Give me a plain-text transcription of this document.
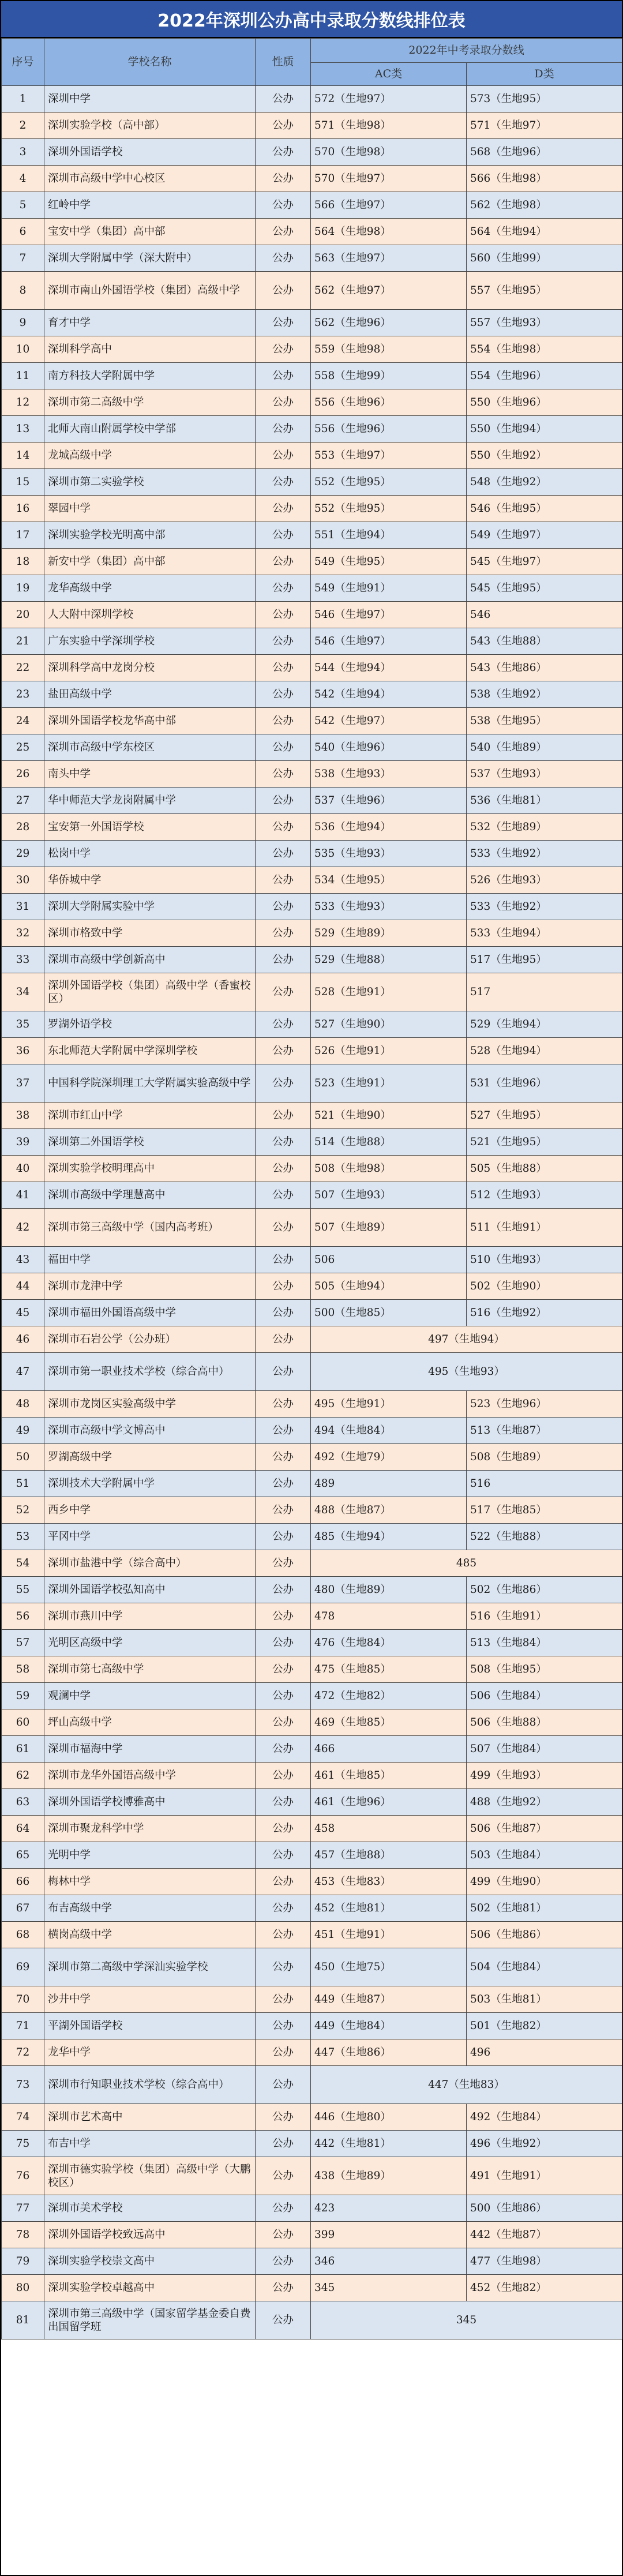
2022年深圳公办高中录取分数线排位表
序号	学校名称	性质	2022年中考录取分数线	
			AC类	D类
1	深圳中学	公办	572（生地97）	573（生地95）
2	深圳实验学校（高中部）	公办	571（生地98）	571（生地97）
3	深圳外国语学校	公办	570（生地98）	568（生地96）
4	深圳市高级中学中心校区	公办	570（生地97）	566（生地98）
5	红岭中学	公办	566（生地97）	562（生地98）
6	宝安中学（集团）高中部	公办	564（生地98）	564（生地94）
7	深圳大学附属中学（深大附中）	公办	563（生地97）	560（生地99）
8	深圳市南山外国语学校（集团）高级中学	公办	562（生地97）	557（生地95）
9	育才中学	公办	562（生地96）	557（生地93）
10	深圳科学高中	公办	559（生地98）	554（生地98）
11	南方科技大学附属中学	公办	558（生地99）	554（生地96）
12	深圳市第二高级中学	公办	556（生地96）	550（生地96）
13	北师大南山附属学校中学部	公办	556（生地96）	550（生地94）
14	龙城高级中学	公办	553（生地97）	550（生地92）
15	深圳市第二实验学校	公办	552（生地95）	548（生地92）
16	翠园中学	公办	552（生地95）	546（生地95）
17	深圳实验学校光明高中部	公办	551（生地94）	549（生地97）
18	新安中学（集团）高中部	公办	549（生地95）	545（生地97）
19	龙华高级中学	公办	549（生地91）	545（生地95）
20	人大附中深圳学校	公办	546（生地97）	546
21	广东实验中学深圳学校	公办	546（生地97）	543（生地88）
22	深圳科学高中龙岗分校	公办	544（生地94）	543（生地86）
23	盐田高级中学	公办	542（生地94）	538（生地92）
24	深圳外国语学校龙华高中部	公办	542（生地97）	538（生地95）
25	深圳市高级中学东校区	公办	540（生地96）	540（生地89）
26	南头中学	公办	538（生地93）	537（生地93）
27	华中师范大学龙岗附属中学	公办	537（生地96）	536（生地81）
28	宝安第一外国语学校	公办	536（生地94）	532（生地89）
29	松岗中学	公办	535（生地93）	533（生地92）
30	华侨城中学	公办	534（生地95）	526（生地93）
31	深圳大学附属实验中学	公办	533（生地93）	533（生地92）
32	深圳市格致中学	公办	529（生地89）	533（生地94）
33	深圳市高级中学创新高中	公办	529（生地88）	517（生地95）
34	深圳外国语学校（集团）高级中学（香蜜校区）	公办	528（生地91）	517
35	罗湖外语学校	公办	527（生地90）	529（生地94）
36	东北师范大学附属中学深圳学校	公办	526（生地91）	528（生地94）
37	中国科学院深圳理工大学附属实验高级中学	公办	523（生地91）	531（生地96）
38	深圳市红山中学	公办	521（生地90）	527（生地95）
39	深圳第二外国语学校	公办	514（生地88）	521（生地95）
40	深圳实验学校明理高中	公办	508（生地98）	505（生地88）
41	深圳市高级中学理慧高中	公办	507（生地93）	512（生地93）
42	深圳市第三高级中学（国内高考班）	公办	507（生地89）	511（生地91）
43	福田中学	公办	506	510（生地93）
44	深圳市龙津中学	公办	505（生地94）	502（生地90）
45	深圳市福田外国语高级中学	公办	500（生地85）	516（生地92）
46	深圳市石岩公学（公办班）	公办	497（生地94）	
47	深圳市第一职业技术学校（综合高中）	公办	495（生地93）	
48	深圳市龙岗区实验高级中学	公办	495（生地91）	523（生地96）
49	深圳市高级中学文博高中	公办	494（生地84）	513（生地87）
50	罗湖高级中学	公办	492（生地79）	508（生地89）
51	深圳技术大学附属中学	公办	489	516
52	西乡中学	公办	488（生地87）	517（生地85）
53	平冈中学	公办	485（生地94）	522（生地88）
54	深圳市盐港中学（综合高中）	公办	485	
55	深圳外国语学校弘知高中	公办	480（生地89）	502（生地86）
56	深圳市燕川中学	公办	478	516（生地91）
57	光明区高级中学	公办	476（生地84）	513（生地84）
58	深圳市第七高级中学	公办	475（生地85）	508（生地95）
59	观澜中学	公办	472（生地82）	506（生地84）
60	坪山高级中学	公办	469（生地85）	506（生地88）
61	深圳市福海中学	公办	466	507（生地84）
62	深圳市龙华外国语高级中学	公办	461（生地85）	499（生地93）
63	深圳外国语学校博雅高中	公办	461（生地96）	488（生地92）
64	深圳市聚龙科学中学	公办	458	506（生地87）
65	光明中学	公办	457（生地88）	503（生地84）
66	梅林中学	公办	453（生地83）	499（生地90）
67	布吉高级中学	公办	452（生地81）	502（生地81）
68	横岗高级中学	公办	451（生地91）	506（生地86）
69	深圳市第二高级中学深汕实验学校	公办	450（生地75）	504（生地84）
70	沙井中学	公办	449（生地87）	503（生地81）
71	平湖外国语学校	公办	449（生地84）	501（生地82）
72	龙华中学	公办	447（生地86）	496
73	深圳市行知职业技术学校（综合高中）	公办	447（生地83）	
74	深圳市艺术高中	公办	446（生地80）	492（生地84）
75	布吉中学	公办	442（生地81）	496（生地92）
76	深圳市德实验学校（集团）高级中学（大鹏校区）	公办	438（生地89）	491（生地91）
77	深圳市美术学校	公办	423	500（生地86）
78	深圳外国语学校致远高中	公办	399	442（生地87）
79	深圳实验学校崇文高中	公办	346	477（生地98）
80	深圳实验学校卓越高中	公办	345	452（生地82）
81	深圳市第三高级中学（国家留学基金委自费出国留学班	公办	345	
